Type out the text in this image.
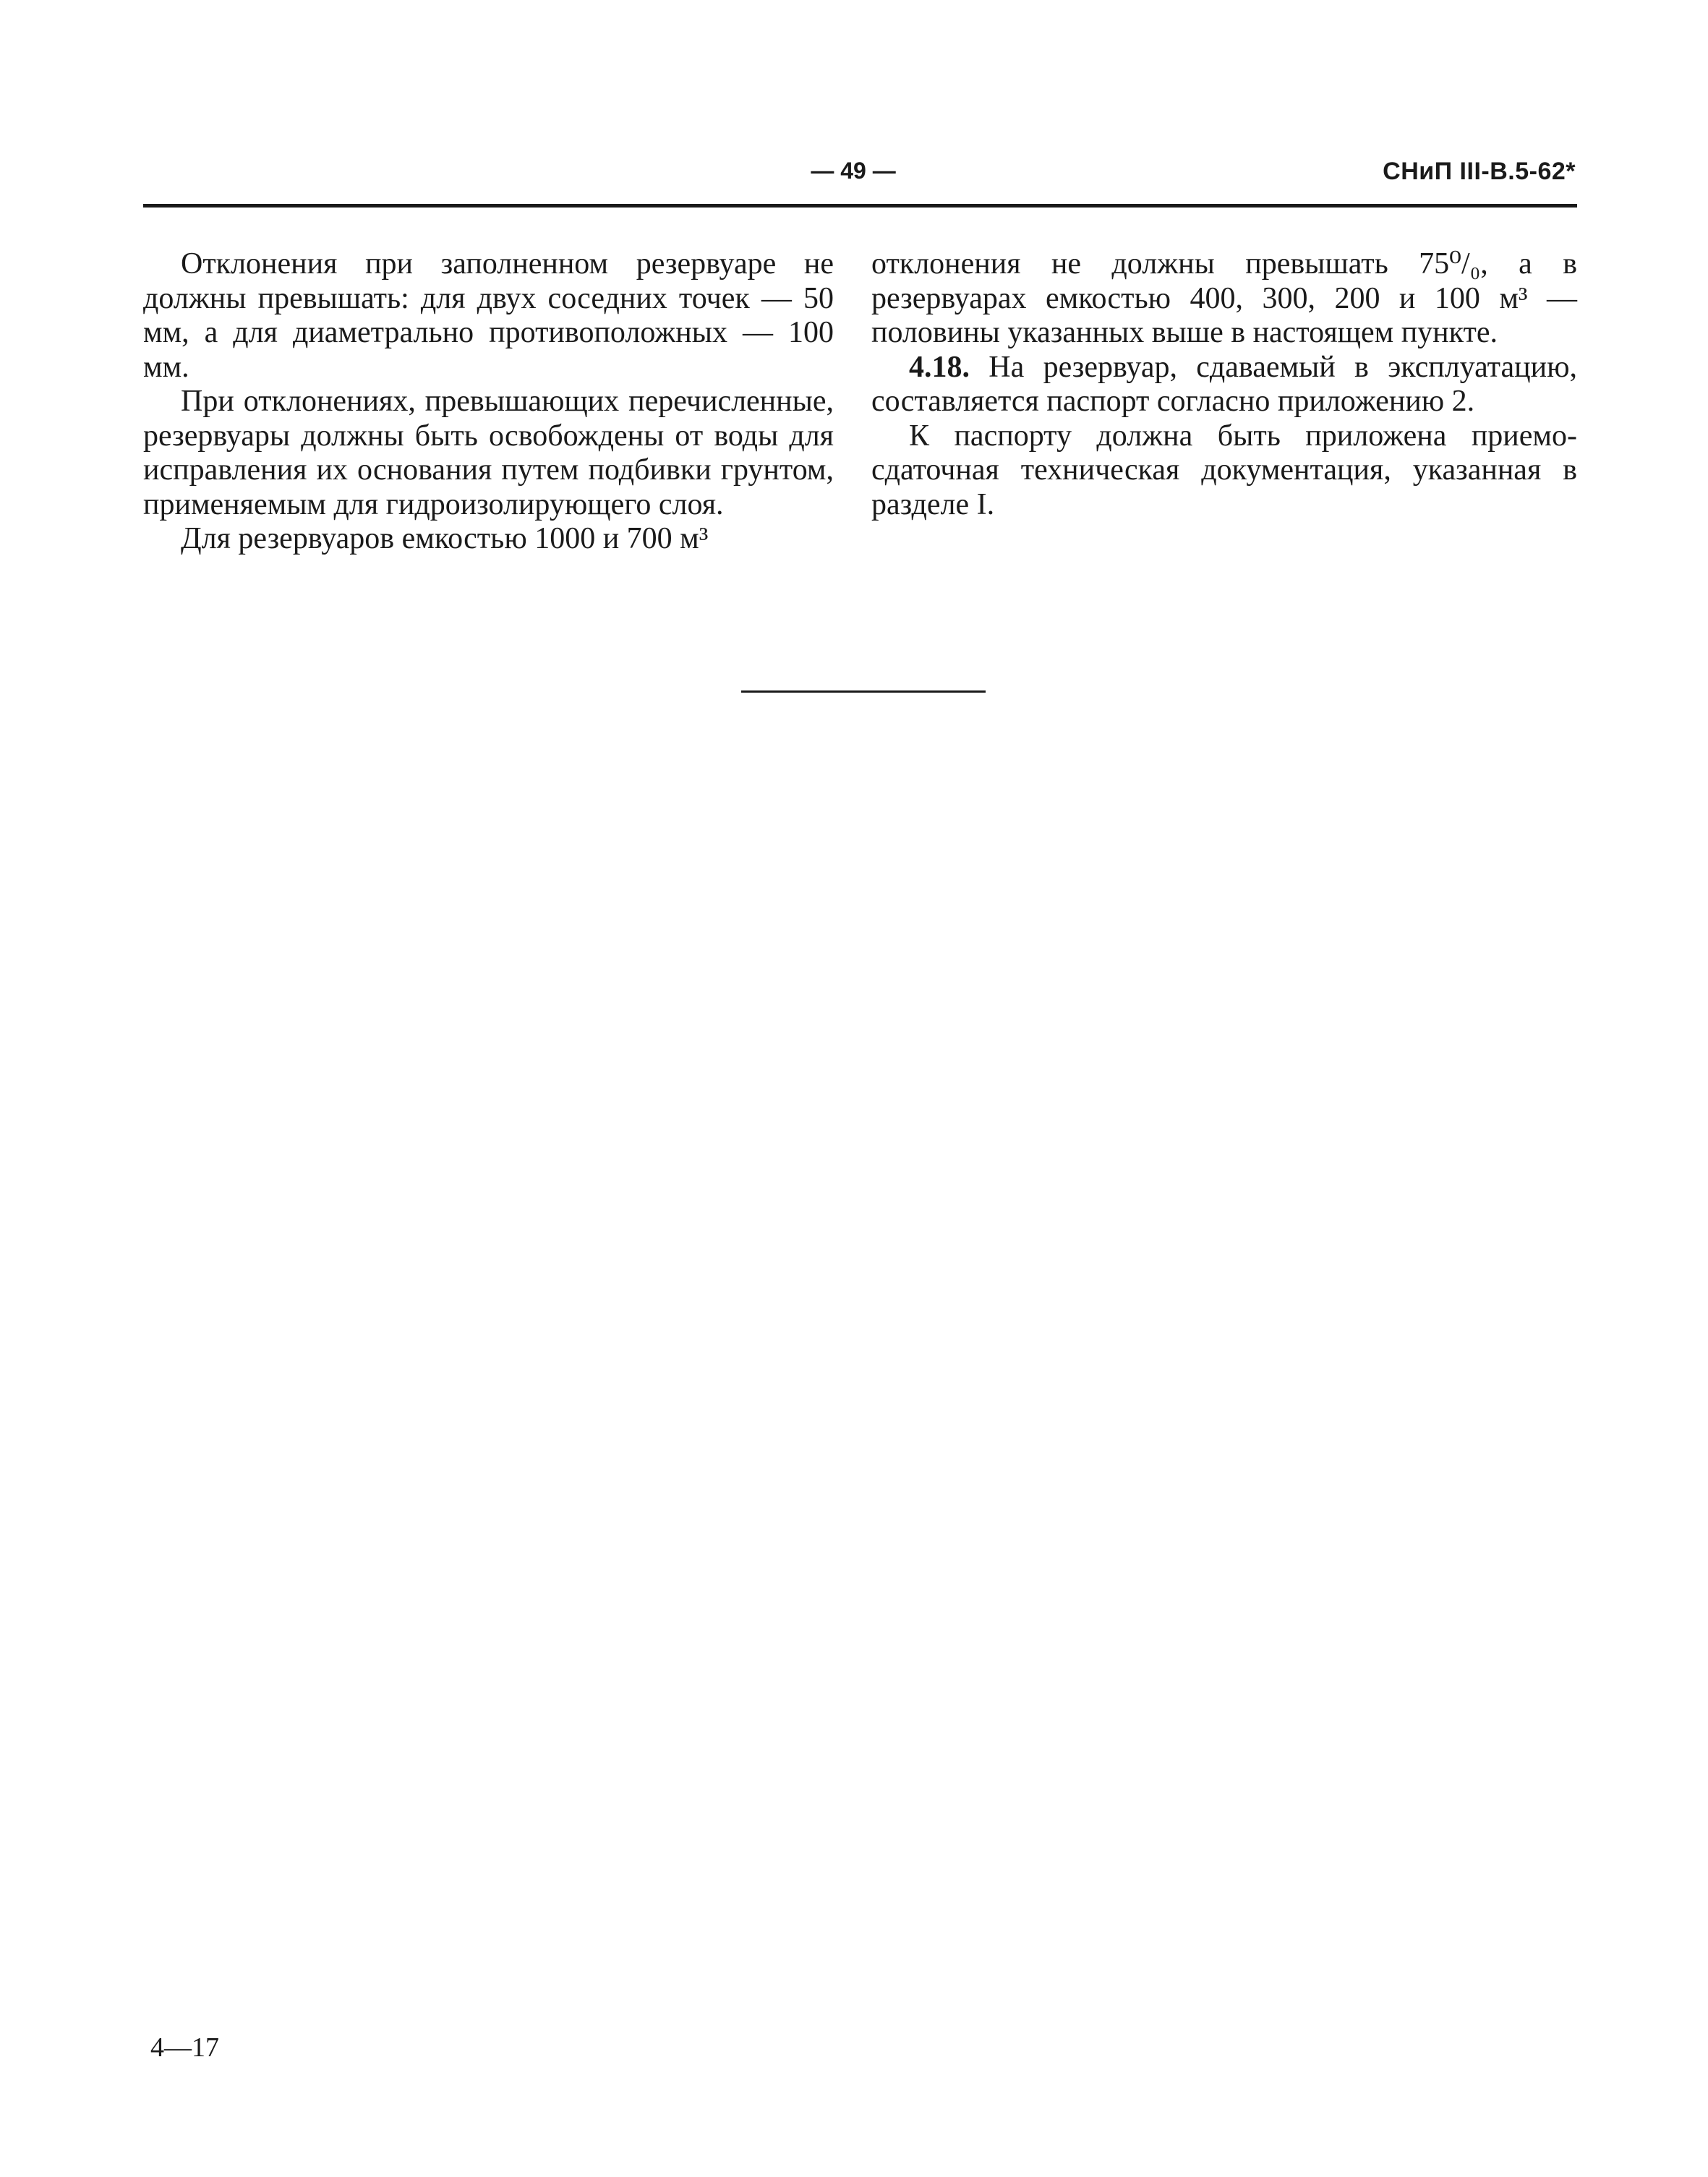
— 49 —	СНиП III-В.5-62*

Отклонения при заполненном резервуаре не должны превышать: для двух соседних точек — 50 мм, а для диаметрально противоположных — 100 мм.

При отклонениях, превышающих перечисленные, резервуары должны быть освобождены от воды для исправления их основания путем подбивки грунтом, применяемым для гидроизолирующего слоя.

Для резервуаров емкостью 1000 и 700 м³

отклонения не должны превышать 75⁰/₀, а в резервуарах емкостью 400, 300, 200 и 100 м³ — половины указанных выше в настоящем пункте.

4.18. На резервуар, сдаваемый в эксплуатацию, составляется паспорт согласно приложению 2.

К паспорту должна быть приложена приемо-сдаточная техническая документация, указанная в разделе I.

4—17
